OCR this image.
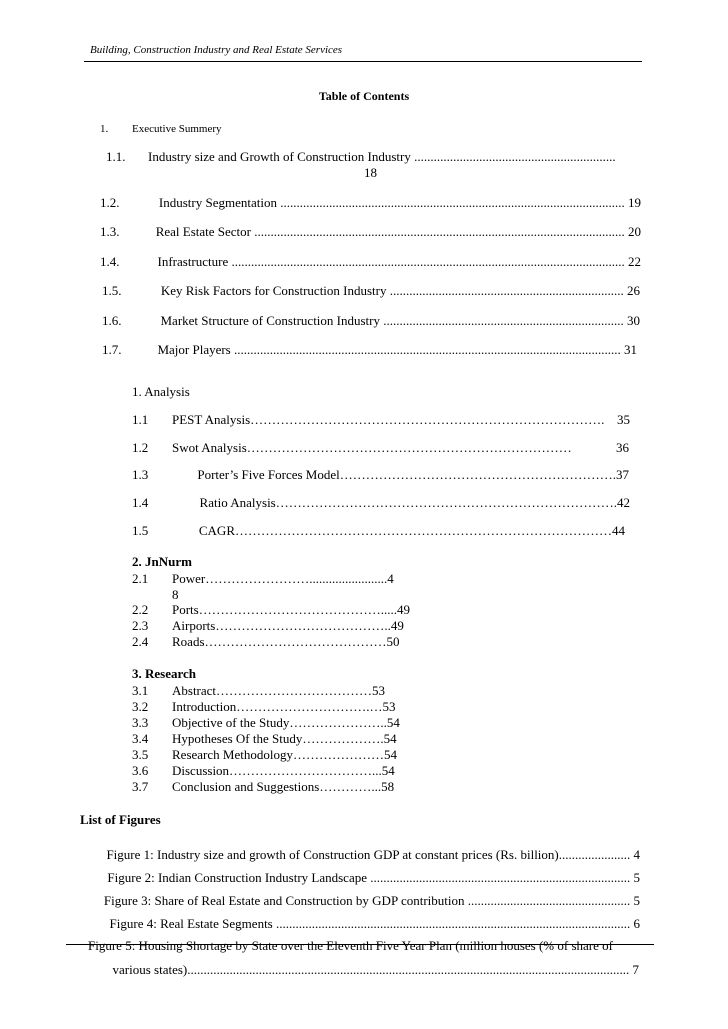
Building, Construction Industry and Real Estate Services
Table of Contents
1. Executive Summery
1.1. Industry size and Growth of Construction Industry ..............................................................
18
1.2.	Industry Segmentation .......................................................................................................... 19
1.3.	Real Estate Sector .................................................................................................................. 20
1.4.	Infrastructure ......................................................................................................................... 22
1.5.	Key Risk Factors for Construction Industry ........................................................................ 26
1.6.	Market Structure of Construction Industry .......................................................................... 30
1.7.	Major Players ....................................................................................................................... 31
1. Analysis
1.1 PEST Analysis………………………………………………………………………. 35
1.2 Swot Analysis…………………………………………………………………	36
1.3	Porter’s Five Forces Model……………………………………………………….37
1.4	Ratio Analysis…………………………………………………………………….42
1.5	CAGR……………………………………………………………………………44
2. JnNurm
2.1 Power……………………........................4
8
2.2 Ports…………………………………….....49
2.3 Airports…………………………………..49
2.4 Roads……………………………………50
3. Research
3.1 Abstract………………………………53
3.2 Introduction………………………….…53
3.3 Objective of the Study…………………..54
3.4 Hypotheses Of the Study……………….54
3.5 Research Methodology…………………54
3.6 Discussion……………………………...54
3.7 Conclusion and Suggestions…………...58
List of Figures
Figure 1: Industry size and growth of Construction GDP at constant prices (Rs. billion)...................... 4
Figure 2: Indian Construction Industry Landscape ................................................................................ 5
Figure 3: Share of Real Estate and Construction by GDP contribution .................................................. 5
Figure 4: Real Estate Segments ............................................................................................................. 6
Figure 5: Housing Shortage by State over the Eleventh Five Year Plan (million houses (% of share of
various states)........................................................................................................................................ 7
